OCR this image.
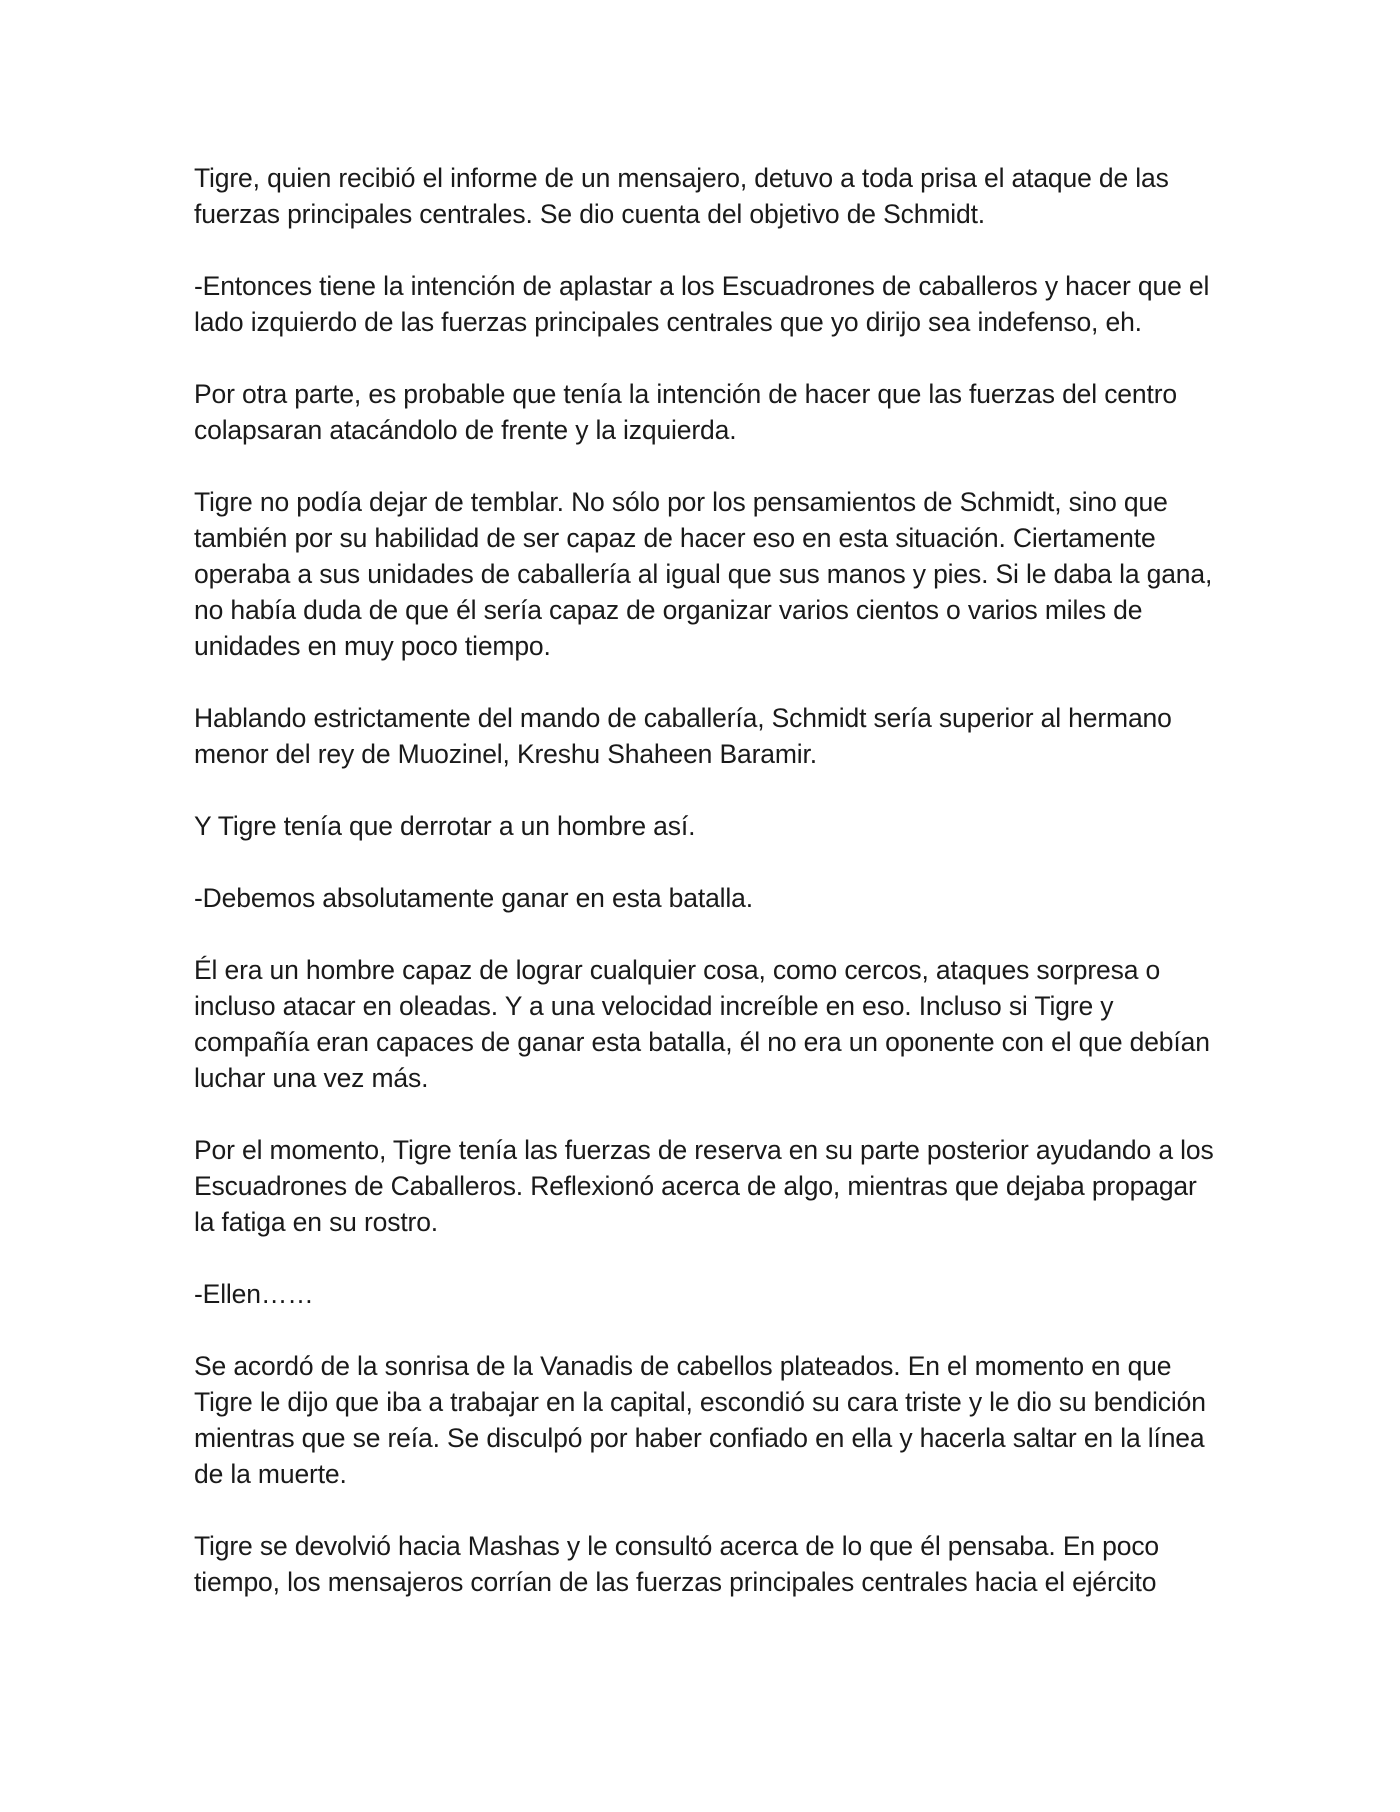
Tigre, quien recibió el informe de un mensajero, detuvo a toda prisa el ataque de las fuerzas principales centrales. Se dio cuenta del objetivo de Schmidt.

-Entonces tiene la intención de aplastar a los Escuadrones de caballeros y hacer que el lado izquierdo de las fuerzas principales centrales que yo dirijo sea indefenso, eh.

Por otra parte, es probable que tenía la intención de hacer que las fuerzas del centro colapsaran atacándolo de frente y la izquierda.

Tigre no podía dejar de temblar. No sólo por los pensamientos de Schmidt, sino que también por su habilidad de ser capaz de hacer eso en esta situación. Ciertamente operaba a sus unidades de caballería al igual que sus manos y pies. Si le daba la gana, no había duda de que él sería capaz de organizar varios cientos o varios miles de unidades en muy poco tiempo.

Hablando estrictamente del mando de caballería, Schmidt sería superior al hermano menor del rey de Muozinel, Kreshu Shaheen Baramir.

Y Tigre tenía que derrotar a un hombre así.

-Debemos absolutamente ganar en esta batalla.

Él era un hombre capaz de lograr cualquier cosa, como cercos, ataques sorpresa o incluso atacar en oleadas. Y a una velocidad increíble en eso. Incluso si Tigre y compañía eran capaces de ganar esta batalla, él no era un oponente con el que debían luchar una vez más.

Por el momento, Tigre tenía las fuerzas de reserva en su parte posterior ayudando a los Escuadrones de Caballeros. Reflexionó acerca de algo, mientras que dejaba propagar la fatiga en su rostro.

-Ellen……

Se acordó de la sonrisa de la Vanadis de cabellos plateados. En el momento en que Tigre le dijo que iba a trabajar en la capital, escondió su cara triste y le dio su bendición mientras que se reía. Se disculpó por haber confiado en ella y hacerla saltar en la línea de la muerte.

Tigre se devolvió hacia Mashas y le consultó acerca de lo que él pensaba. En poco tiempo, los mensajeros corrían de las fuerzas principales centrales hacia el ejército
